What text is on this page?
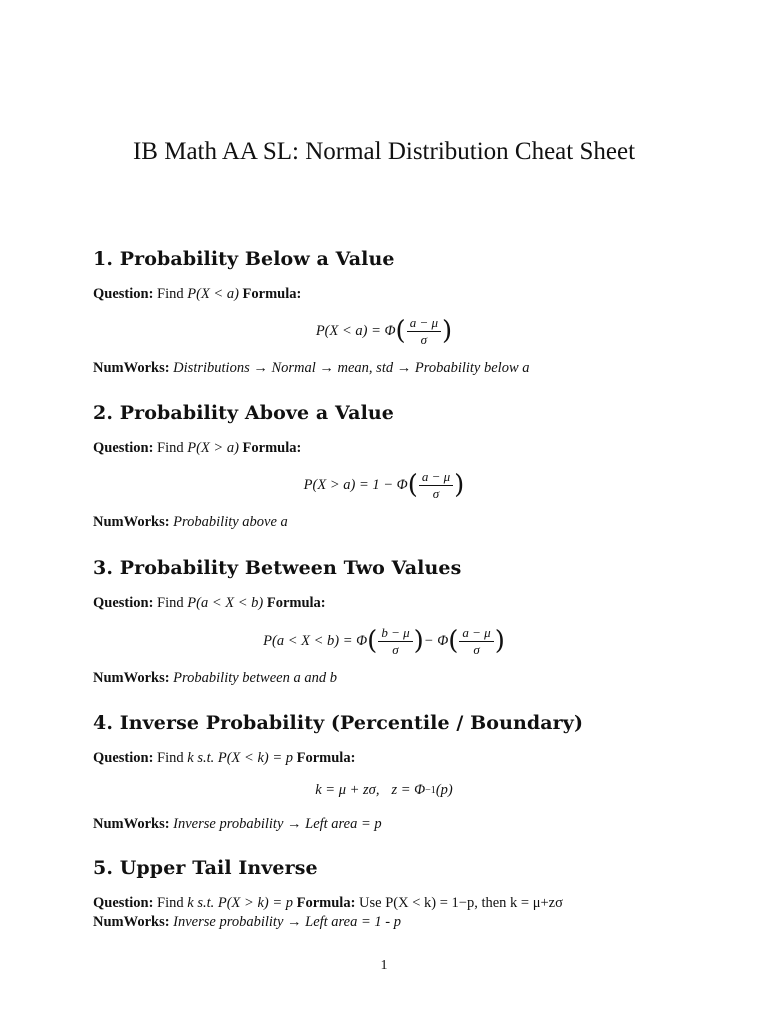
IB Math AA SL: Normal Distribution Cheat Sheet
1. Probability Below a Value
Question: Find P(X < a) Formula:
P(X < a) = Φ ( $\frac{a - \mu}{\sigma}$ )
NumWorks: Distributions → Normal → mean, std → Probability below a
2. Probability Above a Value
Question: Find P(X > a) Formula:
P(X > a) = 1 − Φ ( $\frac{a - \mu}{\sigma}$ )
NumWorks: Probability above a
3. Probability Between Two Values
Question: Find P(a < X < b) Formula:
P(a < X < b) = Φ ( $\frac{b - \mu}{\sigma}$ ) − Φ ( $\frac{a - \mu}{\sigma}$ )
NumWorks: Probability between a and b
4. Inverse Probability (Percentile / Boundary)
Question: Find k s.t. P(X < k) = p Formula:
k = μ + zσ, z = Φ −1 (p)
NumWorks: Inverse probability → Left area = p
5. Upper Tail Inverse
Question: Find k s.t. P(X > k) = p Formula: Use P(X < k) = 1−p, then k = μ+zσ
NumWorks: Inverse probability → Left area = 1 - p
1
